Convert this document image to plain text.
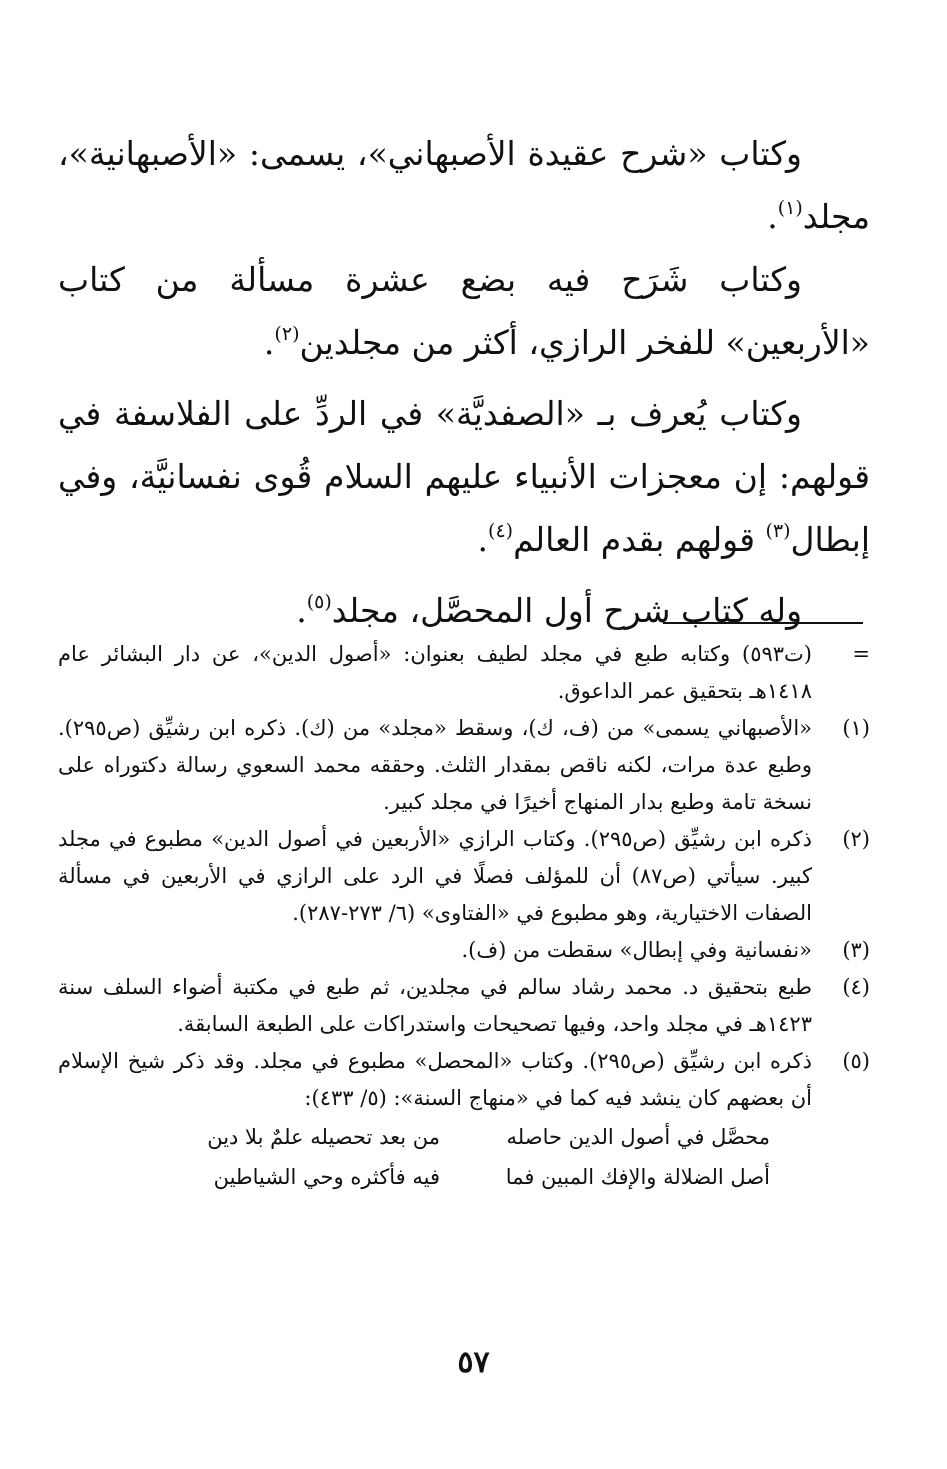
وكتاب «شرح عقيدة الأصبهاني»، يسمى: «الأصبهانية»، مجلد$^{(١)}$.

وكتاب شَرَح فيه بضع عشرة مسألة من كتاب «الأربعين» للفخر الرازي، أكثر من مجلدين$^{(٢)}$.

وكتاب يُعرف بـ «الصفديَّة» في الردِّ على الفلاسفة في قولهم: إن معجزات الأنبياء عليهم السلام قُوى نفسانيَّة، وفي إبطال$^{(٣)}$ قولهم بقدم العالم$^{(٤)}$.

وله كتاب شرح أول المحصَّل، مجلد$^{(٥)}$.

=
(ت٥٩٣) وكتابه طبع في مجلد لطيف بعنوان: «أصول الدين»، عن دار البشائر عام ١٤١٨هـ بتحقيق عمر الداعوق.
(١)
«الأصبهاني يسمى» من (ف، ك)، وسقط «مجلد» من (ك). ذكره ابن رشيِّق (ص٢٩٥). وطبع عدة مرات، لكنه ناقص بمقدار الثلث. وحققه محمد السعوي رسالة دكتوراه على نسخة تامة وطبع بدار المنهاج أخيرًا في مجلد كبير.
(٢)
ذكره ابن رشيِّق (ص٢٩٥). وكتاب الرازي «الأربعين في أصول الدين» مطبوع في مجلد كبير. سيأتي (ص٨٧) أن للمؤلف فصلًا في الرد على الرازي في الأربعين في مسألة الصفات الاختيارية، وهو مطبوع في «الفتاوى» (٦/ ٢٧٣-٢٨٧).
(٣)
«نفسانية وفي إبطال» سقطت من (ف).
(٤)
طبع بتحقيق د. محمد رشاد سالم في مجلدين، ثم طبع في مكتبة أضواء السلف سنة ١٤٢٣هـ في مجلد واحد، وفيها تصحيحات واستدراكات على الطبعة السابقة.
(٥)
ذكره ابن رشيِّق (ص٢٩٥). وكتاب «المحصل» مطبوع في مجلد. وقد ذكر شيخ الإسلام أن بعضهم كان ينشد فيه كما في «منهاج السنة»: (٥/ ٤٣٣):
محصَّل في أصول الدين حاصله
من بعد تحصيله علمٌ بلا دين
أصل الضلالة والإفك المبين فما
فيه فأكثره وحي الشياطين
٥٧
